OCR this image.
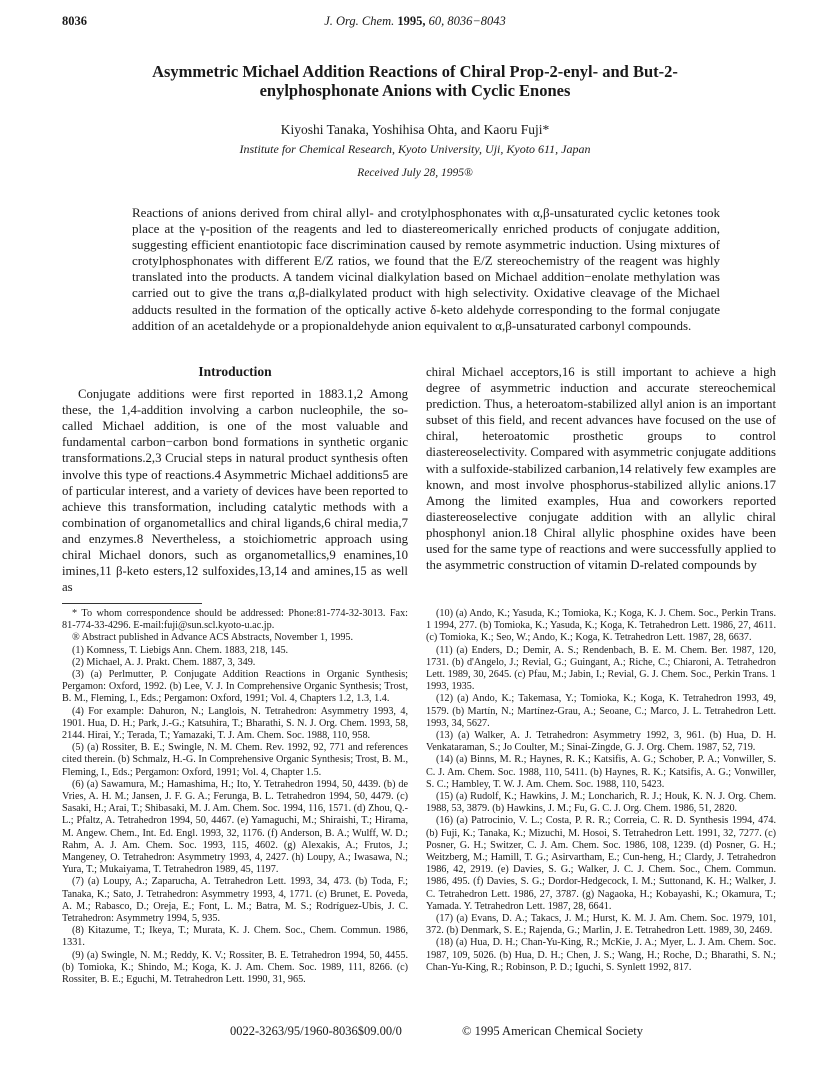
8036	J. Org. Chem. 1995, 60, 8036−8043
Asymmetric Michael Addition Reactions of Chiral Prop-2-enyl- and But-2-enylphosphonate Anions with Cyclic Enones
Kiyoshi Tanaka, Yoshihisa Ohta, and Kaoru Fuji*
Institute for Chemical Research, Kyoto University, Uji, Kyoto 611, Japan
Received July 28, 1995®
Reactions of anions derived from chiral allyl- and crotylphosphonates with α,β-unsaturated cyclic ketones took place at the γ-position of the reagents and led to diastereomerically enriched products of conjugate addition, suggesting efficient enantiotopic face discrimination caused by remote asymmetric induction. Using mixtures of crotylphosphonates with different E/Z ratios, we found that the E/Z stereochemistry of the reagent was highly translated into the products. A tandem vicinal dialkylation based on Michael addition−enolate methylation was carried out to give the trans α,β-dialkylated product with high selectivity. Oxidative cleavage of the Michael adducts resulted in the formation of the optically active δ-keto aldehyde corresponding to the formal conjugate addition of an acetaldehyde or a propionaldehyde anion equivalent to α,β-unsaturated carbonyl compounds.
Introduction

Conjugate additions were first reported in 1883.1,2 Among these, the 1,4-addition involving a carbon nucleophile, the so-called Michael addition, is one of the most valuable and fundamental carbon−carbon bond formations in synthetic organic transformations.2,3 Crucial steps in natural product synthesis often involve this type of reactions.4 Asymmetric Michael additions5 are of particular interest, and a variety of devices have been reported to achieve this transformation, including catalytic methods with a combination of organometallics and chiral ligands,6 chiral media,7 and enzymes.8 Nevertheless, a stoichiometric approach using chiral Michael donors, such as organometallics,9 enamines,10 imines,11 β-keto esters,12 sulfoxides,13,14 and amines,15 as well as

chiral Michael acceptors,16 is still important to achieve a high degree of asymmetric induction and accurate stereochemical prediction. Thus, a heteroatom-stabilized allyl anion is an important subset of this field, and recent advances have focused on the use of chiral, heteroatomic prosthetic groups to control diastereoselectivity. Compared with asymmetric conjugate additions with a sulfoxide-stabilized carbanion,14 relatively few examples are known, and most involve phosphorus-stabilized allylic anions.17 Among the limited examples, Hua and coworkers reported diastereoselective conjugate addition with an allylic chiral phosphonyl anion.18 Chiral allylic phosphine oxides have been used for the same type of reactions and were successfully applied to the asymmetric construction of vitamin D-related compounds by

* To whom correspondence should be addressed: Phone:81-774-32-3013. Fax: 81-774-33-4296. E-mail:fuji@sun.scl.kyoto-u.ac.jp.
® Abstract published in Advance ACS Abstracts, November 1, 1995.
(1) Komness, T. Liebigs Ann. Chem. 1883, 218, 145.
(2) Michael, A. J. Prakt. Chem. 1887, 3, 349.
(3) (a) Perlmutter, P. Conjugate Addition Reactions in Organic Synthesis; Pergamon: Oxford, 1992. (b) Lee, V. J. In Comprehensive Organic Synthesis; Trost, B. M., Fleming, I., Eds.; Pergamon: Oxford, 1991; Vol. 4, Chapters 1.2, 1.3, 1.4.
(4) For example: Dahuron, N.; Langlois, N. Tetrahedron: Asymmetry 1993, 4, 1901. Hua, D. H.; Park, J.-G.; Katsuhira, T.; Bharathi, S. N. J. Org. Chem. 1993, 58, 2144. Hirai, Y.; Terada, T.; Yamazaki, T. J. Am. Chem. Soc. 1988, 110, 958.
(5) (a) Rossiter, B. E.; Swingle, N. M. Chem. Rev. 1992, 92, 771 and references cited therein. (b) Schmalz, H.-G. In Comprehensive Organic Synthesis; Trost, B. M., Fleming, I., Eds.; Pergamon: Oxford, 1991; Vol. 4, Chapter 1.5.
(6) (a) Sawamura, M.; Hamashima, H.; Ito, Y. Tetrahedron 1994, 50, 4439. (b) de Vries, A. H. M.; Jansen, J. F. G. A.; Ferunga, B. L. Tetrahedron 1994, 50, 4479. (c) Sasaki, H.; Arai, T.; Shibasaki, M. J. Am. Chem. Soc. 1994, 116, 1571. (d) Zhou, Q.-L.; Pfaltz, A. Tetrahedron 1994, 50, 4467. (e) Yamaguchi, M.; Shiraishi, T.; Hirama, M. Angew. Chem., Int. Ed. Engl. 1993, 32, 1176. (f) Anderson, B. A.; Wulff, W. D.; Rahm, A. J. Am. Chem. Soc. 1993, 115, 4602. (g) Alexakis, A.; Frutos, J.; Mangeney, O. Tetrahedron: Asymmetry 1993, 4, 2427. (h) Loupy, A.; Iwasawa, N.; Yura, T.; Mukaiyama, T. Tetrahedron 1989, 45, 1197.
(7) (a) Loupy, A.; Zaparucha, A. Tetrahedron Lett. 1993, 34, 473. (b) Toda, F.; Tanaka, K.; Sato, J. Tetrahedron: Asymmetry 1993, 4, 1771. (c) Brunet, E. Poveda, A. M.; Rabasco, D.; Oreja, E.; Font, L. M.; Batra, M. S.; Rodríguez-Ubis, J. C. Tetrahedron: Asymmetry 1994, 5, 935.
(8) Kitazume, T.; Ikeya, T.; Murata, K. J. Chem. Soc., Chem. Commun. 1986, 1331.
(9) (a) Swingle, N. M.; Reddy, K. V.; Rossiter, B. E. Tetrahedron 1994, 50, 4455. (b) Tomioka, K.; Shindo, M.; Koga, K. J. Am. Chem. Soc. 1989, 111, 8266. (c) Rossiter, B. E.; Eguchi, M. Tetrahedron Lett. 1990, 31, 965.
(10) (a) Ando, K.; Yasuda, K.; Tomioka, K.; Koga, K. J. Chem. Soc., Perkin Trans. 1 1994, 277. (b) Tomioka, K.; Yasuda, K.; Koga, K. Tetrahedron Lett. 1986, 27, 4611. (c) Tomioka, K.; Seo, W.; Ando, K.; Koga, K. Tetrahedron Lett. 1987, 28, 6637.
(11) (a) Enders, D.; Demir, A. S.; Rendenbach, B. E. M. Chem. Ber. 1987, 120, 1731. (b) d'Angelo, J.; Revial, G.; Guingant, A.; Riche, C.; Chiaroni, A. Tetrahedron Lett. 1989, 30, 2645. (c) Pfau, M.; Jabin, I.; Revial, G. J. Chem. Soc., Perkin Trans. 1 1993, 1935.
(12) (a) Ando, K.; Takemasa, Y.; Tomioka, K.; Koga, K. Tetrahedron 1993, 49, 1579. (b) Martín, N.; Martínez-Grau, A.; Seoane, C.; Marco, J. L. Tetrahedron Lett. 1993, 34, 5627.
(13) (a) Walker, A. J. Tetrahedron: Asymmetry 1992, 3, 961. (b) Hua, D. H. Venkataraman, S.; Jo Coulter, M.; Sinai-Zingde, G. J. Org. Chem. 1987, 52, 719.
(14) (a) Binns, M. R.; Haynes, R. K.; Katsifis, A. G.; Schober, P. A.; Vonwiller, S. C. J. Am. Chem. Soc. 1988, 110, 5411. (b) Haynes, R. K.; Katsifis, A. G.; Vonwiller, S. C.; Hambley, T. W. J. Am. Chem. Soc. 1988, 110, 5423.
(15) (a) Rudolf, K.; Hawkins, J. M.; Loncharich, R. J.; Houk, K. N. J. Org. Chem. 1988, 53, 3879. (b) Hawkins, J. M.; Fu, G. C. J. Org. Chem. 1986, 51, 2820.
(16) (a) Patrocinio, V. L.; Costa, P. R. R.; Correia, C. R. D. Synthesis 1994, 474. (b) Fuji, K.; Tanaka, K.; Mizuchi, M. Hosoi, S. Tetrahedron Lett. 1991, 32, 7277. (c) Posner, G. H.; Switzer, C. J. Am. Chem. Soc. 1986, 108, 1239. (d) Posner, G. H.; Weitzberg, M.; Hamill, T. G.; Asirvartham, E.; Cun-heng, H.; Clardy, J. Tetrahedron 1986, 42, 2919. (e) Davies, S. G.; Walker, J. C. J. Chem. Soc., Chem. Commun. 1986, 495. (f) Davies, S. G.; Dordor-Hedgecock, I. M.; Suttonand, K. H.; Walker, J. C. Tetrahedron Lett. 1986, 27, 3787. (g) Nagaoka, H.; Kobayashi, K.; Okamura, T.; Yamada. Y. Tetrahedron Lett. 1987, 28, 6641.
(17) (a) Evans, D. A.; Takacs, J. M.; Hurst, K. M. J. Am. Chem. Soc. 1979, 101, 372. (b) Denmark, S. E.; Rajenda, G.; Marlin, J. E. Tetrahedron Lett. 1989, 30, 2469.
(18) (a) Hua, D. H.; Chan-Yu-King, R.; McKie, J. A.; Myer, L. J. Am. Chem. Soc. 1987, 109, 5026. (b) Hua, D. H.; Chen, J. S.; Wang, H.; Roche, D.; Bharathi, S. N.; Chan-Yu-King, R.; Robinson, P. D.; Iguchi, S. Synlett 1992, 817.
0022-3263/95/1960-8036$09.00/0	© 1995 American Chemical Society
